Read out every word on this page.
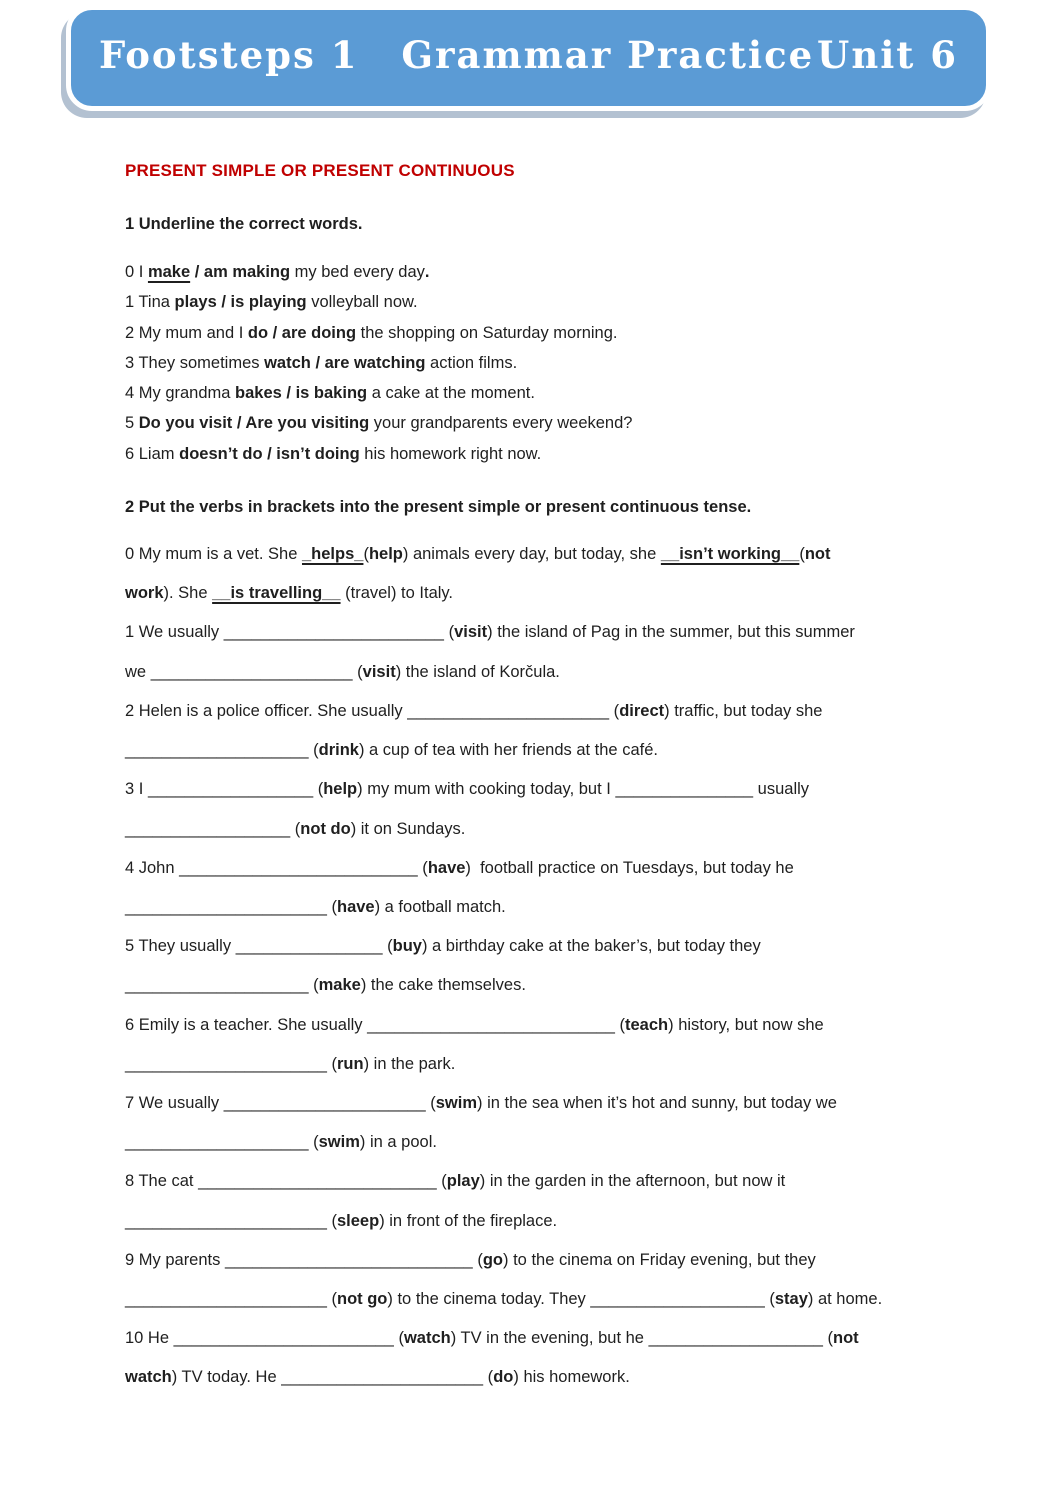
Footsteps 1 Grammar Practice Unit 6

PRESENT SIMPLE OR PRESENT CONTINUOUS

1 Underline the correct words.

0 I make / am making my bed every day.
1 Tina plays / is playing volleyball now.
2 My mum and I do / are doing the shopping on Saturday morning.
3 They sometimes watch / are watching action films.
4 My grandma bakes / is baking a cake at the moment.
5 Do you visit / Are you visiting your grandparents every weekend?
6 Liam doesn’t do / isn’t doing his homework right now.

2 Put the verbs in brackets into the present simple or present continuous tense.

0 My mum is a vet. She _helps_(help) animals every day, but today, she __isn’t working__(not
work). She __is travelling__ (travel) to Italy.
1 We usually ________________________ (visit) the island of Pag in the summer, but this summer
we ______________________ (visit) the island of Korčula.
2 Helen is a police officer. She usually ______________________ (direct) traffic, but today she
____________________ (drink) a cup of tea with her friends at the café.
3 I __________________ (help) my mum with cooking today, but I _______________ usually
__________________ (not do) it on Sundays.
4 John __________________________ (have)  football practice on Tuesdays, but today he
______________________ (have) a football match.
5 They usually ________________ (buy) a birthday cake at the baker’s, but today they
____________________ (make) the cake themselves.
6 Emily is a teacher. She usually ___________________________ (teach) history, but now she
______________________ (run) in the park.
7 We usually ______________________ (swim) in the sea when it’s hot and sunny, but today we
____________________ (swim) in a pool.
8 The cat __________________________ (play) in the garden in the afternoon, but now it
______________________ (sleep) in front of the fireplace.
9 My parents ___________________________ (go) to the cinema on Friday evening, but they
______________________ (not go) to the cinema today. They ___________________ (stay) at home.
10 He ________________________ (watch) TV in the evening, but he ___________________ (not
watch) TV today. He ______________________ (do) his homework.
